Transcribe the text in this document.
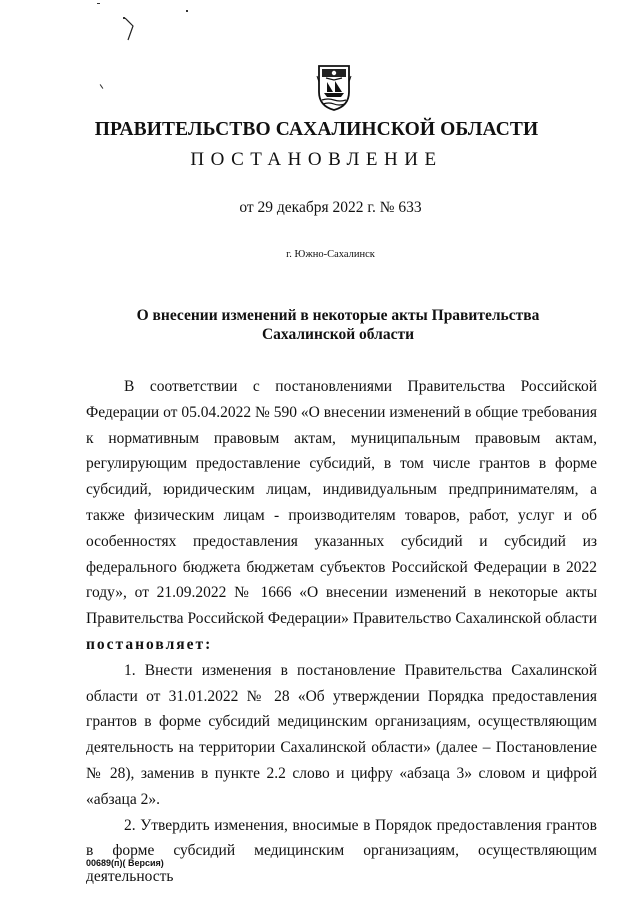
ПРАВИТЕЛЬСТВО САХАЛИНСКОЙ ОБЛАСТИ
ПОСТАНОВЛЕНИЕ
от 29 декабря 2022 г. № 633
г. Южно-Сахалинск
О внесении изменений в некоторые акты Правительства Сахалинской области

В соответствии с постановлениями Правительства Российской Федерации от 05.04.2022 № 590 «О внесении изменений в общие требования к нормативным правовым актам, муниципальным правовым актам, регулирующим предоставление субсидий, в том числе грантов в форме субсидий, юридическим лицам, индивидуальным предпринимателям, а также физическим лицам - производителям товаров, работ, услуг и об особенностях предоставления указанных субсидий и субсидий из федерального бюджета бюджетам субъектов Российской Федерации в 2022 году», от 21.09.2022 № 1666 «О внесении изменений в некоторые акты Правительства Российской Федерации» Правительство Сахалинской области постановляет:

1. Внести изменения в постановление Правительства Сахалинской области от 31.01.2022 № 28 «Об утверждении Порядка предоставления грантов в форме субсидий медицинским организациям, осуществляющим деятельность на территории Сахалинской области» (далее – Постановление № 28), заменив в пункте 2.2 слово и цифру «абзаца 3» словом и цифрой «абзаца 2».

2. Утвердить изменения, вносимые в Порядок предоставления грантов в форме субсидий медицинским организациям, осуществляющим деятельность

00689(п)( Версия)
